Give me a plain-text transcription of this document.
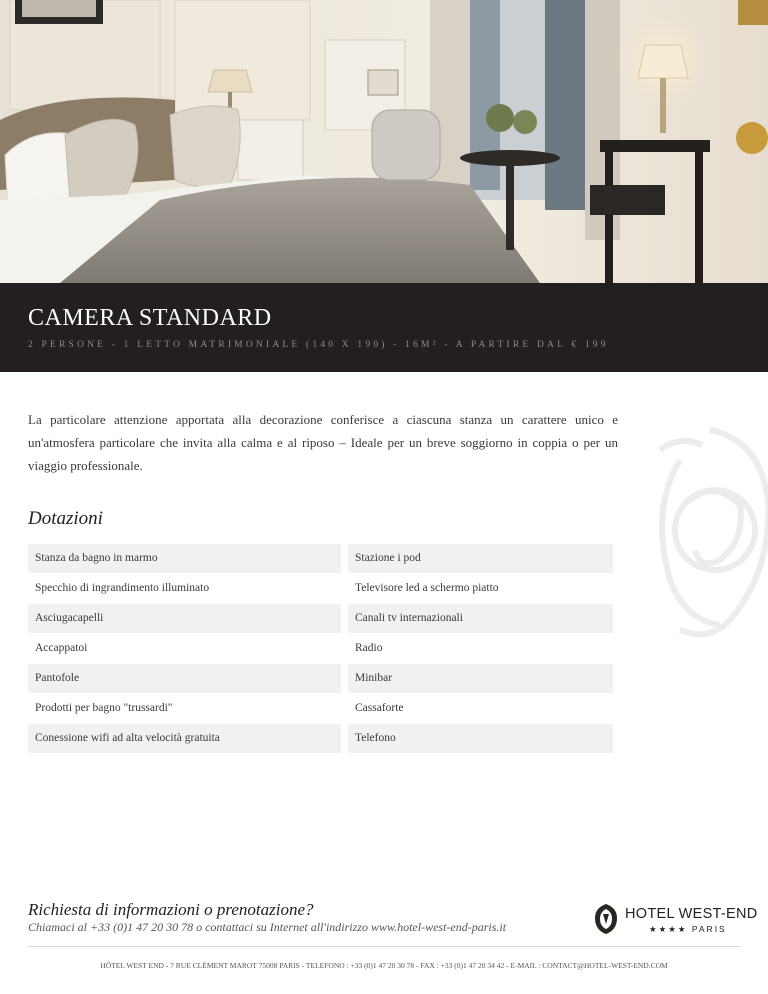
CAMERA STANDARD
2 PERSONE - 1 LETTO MATRIMONIALE (140 X 190) - 16M² - A PARTIRE DAL € 199
La particolare attenzione apportata alla decorazione conferisce a ciascuna stanza un carattere unico e un'atmosfera particolare che invita alla calma e al riposo – Ideale per un breve soggiorno in coppia o per un viaggio professionale.
Dotazioni
Stanza da bagno in marmo	Stazione i pod
Specchio di ingrandimento illuminato	Televisore led a schermo piatto
Asciugacapelli	Canali tv internazionali
Accappatoi	Radio
Pantofole	Minibar
Prodotti per bagno "trussardi"	Cassaforte
Conessione wifi ad alta velocità gratuita	Telefono
Richiesta di informazioni o prenotazione?
Chiamaci al +33 (0)1 47 20 30 78 o contattaci su Internet all'indirizzo www.hotel-west-end-paris.it
HOTEL WEST-END
★★★★ PARIS
HÔTEL WEST END - 7 RUE CLÉMENT MAROT 75008 PARIS - TELEFONO : +33 (0)1 47 20 30 78 - FAX : +33 (0)1 47 20 34 42 - E-MAIL : CONTACT@HOTEL-WEST-END.COM
